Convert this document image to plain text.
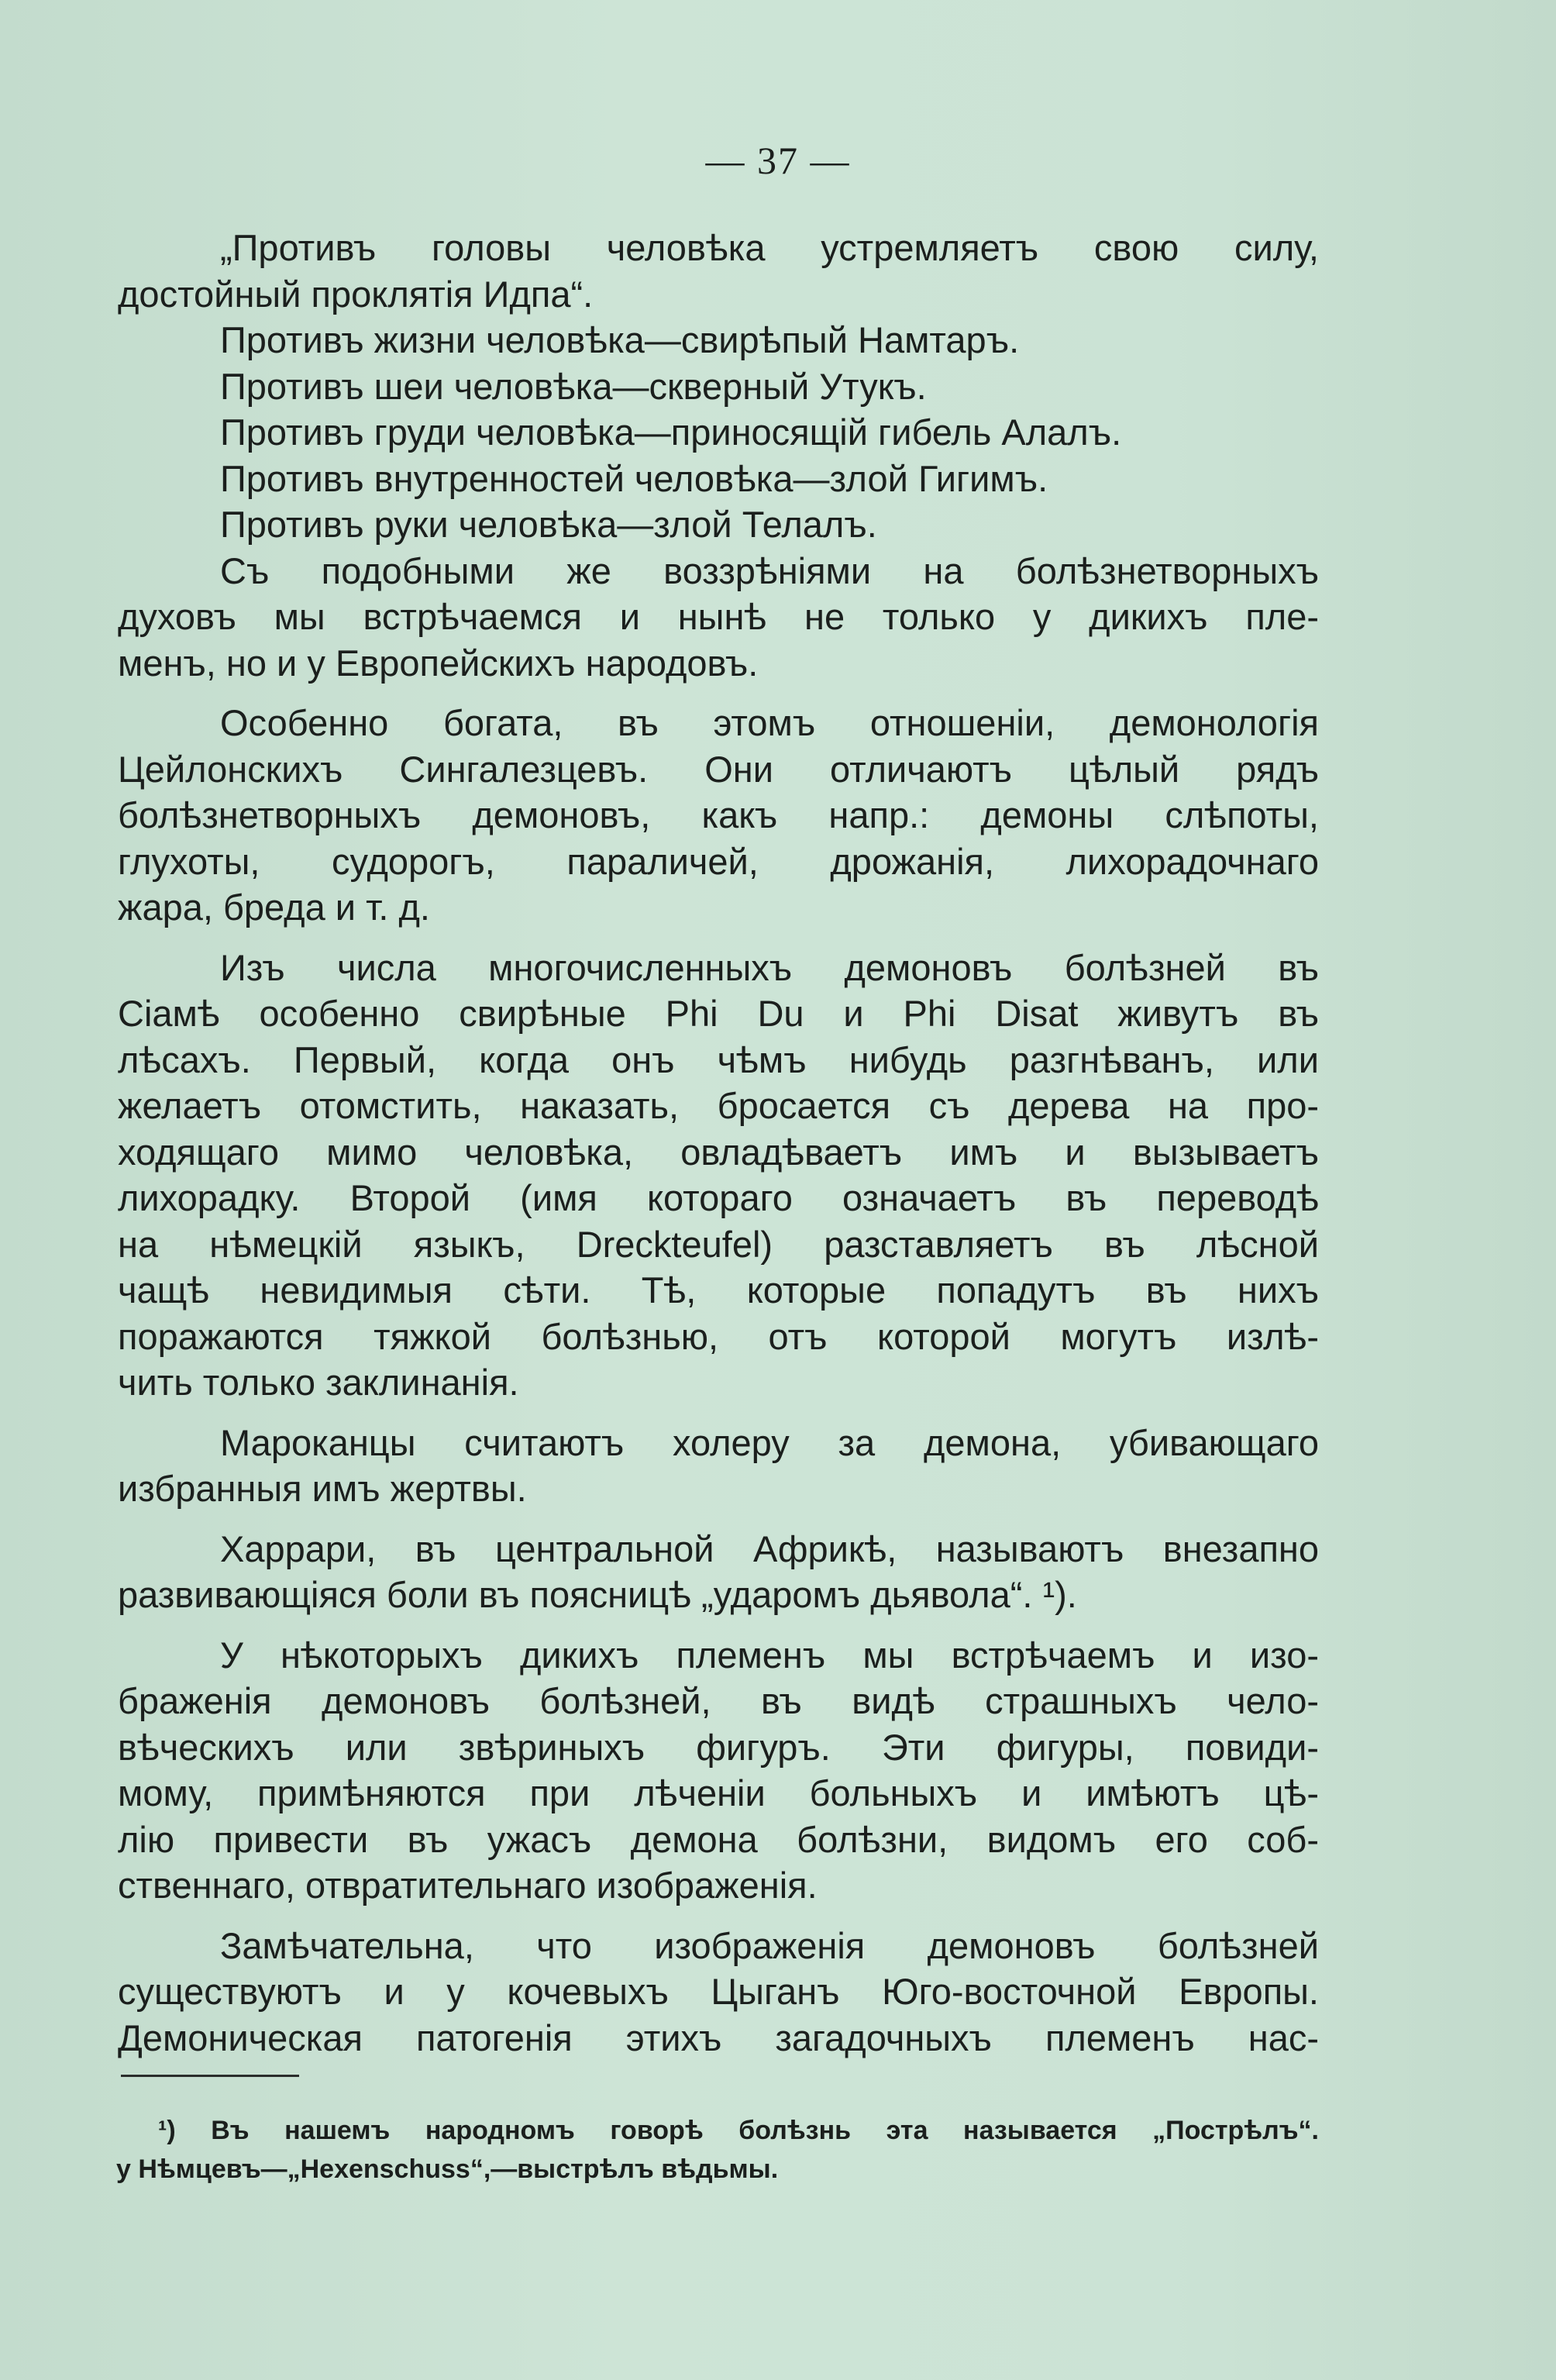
— 37 —
„Противъ головы человѣка устремляетъ свою силу,
достойный проклятія Идпа“.
Противъ жизни человѣка—свирѣпый Намтаръ.
Противъ шеи человѣка—скверный Утукъ.
Противъ груди человѣка—приносящій гибель Алалъ.
Противъ внутренностей человѣка—злой Гигимъ.
Противъ руки человѣка—злой Телалъ.
Съ подобными же воззрѣніями на болѣзнетворныхъ
духовъ мы встрѣчаемся и нынѣ не только у дикихъ пле-
менъ, но и у Европейскихъ народовъ.
Особенно богата, въ этомъ отношеніи, демонологія
Цейлонскихъ Сингалезцевъ. Они отличаютъ цѣлый рядъ
болѣзнетворныхъ демоновъ, какъ напр.: демоны слѣпоты,
глухоты, судорогъ, параличей, дрожанія, лихорадочнаго
жара, бреда и т. д.
Изъ числа многочисленныхъ демоновъ болѣзней въ
Сіамѣ особенно свирѣные Phi Du и Phi Disat живутъ въ
лѣсахъ. Первый, когда онъ чѣмъ нибудь разгнѣванъ, или
желаетъ отомстить, наказать, бросается съ дерева на про-
ходящаго мимо человѣка, овладѣваетъ имъ и вызываетъ
лихорадку. Второй (имя котораго означаетъ въ переводѣ
на нѣмецкій языкъ, Dreckteufel) разставляетъ въ лѣсной
чащѣ невидимыя сѣти. Тѣ, которые попадутъ въ нихъ
поражаются тяжкой болѣзнью, отъ которой могутъ излѣ-
чить только заклинанія.
Мароканцы считаютъ холеру за демона, убивающаго
избранныя имъ жертвы.
Харрари, въ центральной Африкѣ, называютъ внезапно
развивающіяся боли въ поясницѣ „ударомъ дьявола“. ¹).
У нѣкоторыхъ дикихъ племенъ мы встрѣчаемъ и изо-
браженія демоновъ болѣзней, въ видѣ страшныхъ чело-
вѣческихъ или звѣриныхъ фигуръ. Эти фигуры, повиди-
мому, примѣняются при лѣченіи больныхъ и имѣютъ цѣ-
лію привести въ ужасъ демона болѣзни, видомъ его соб-
ственнаго, отвратительнаго изображенія.
Замѣчательна, что изображенія демоновъ болѣзней
существуютъ и у кочевыхъ Цыганъ Юго-восточной Европы.
Демоническая патогенія этихъ загадочныхъ племенъ нас-
¹) Въ нашемъ народномъ говорѣ болѣзнь эта называется „Пострѣлъ“.
у Нѣмцевъ—„Hexenschuss“,—выстрѣлъ вѣдьмы.
